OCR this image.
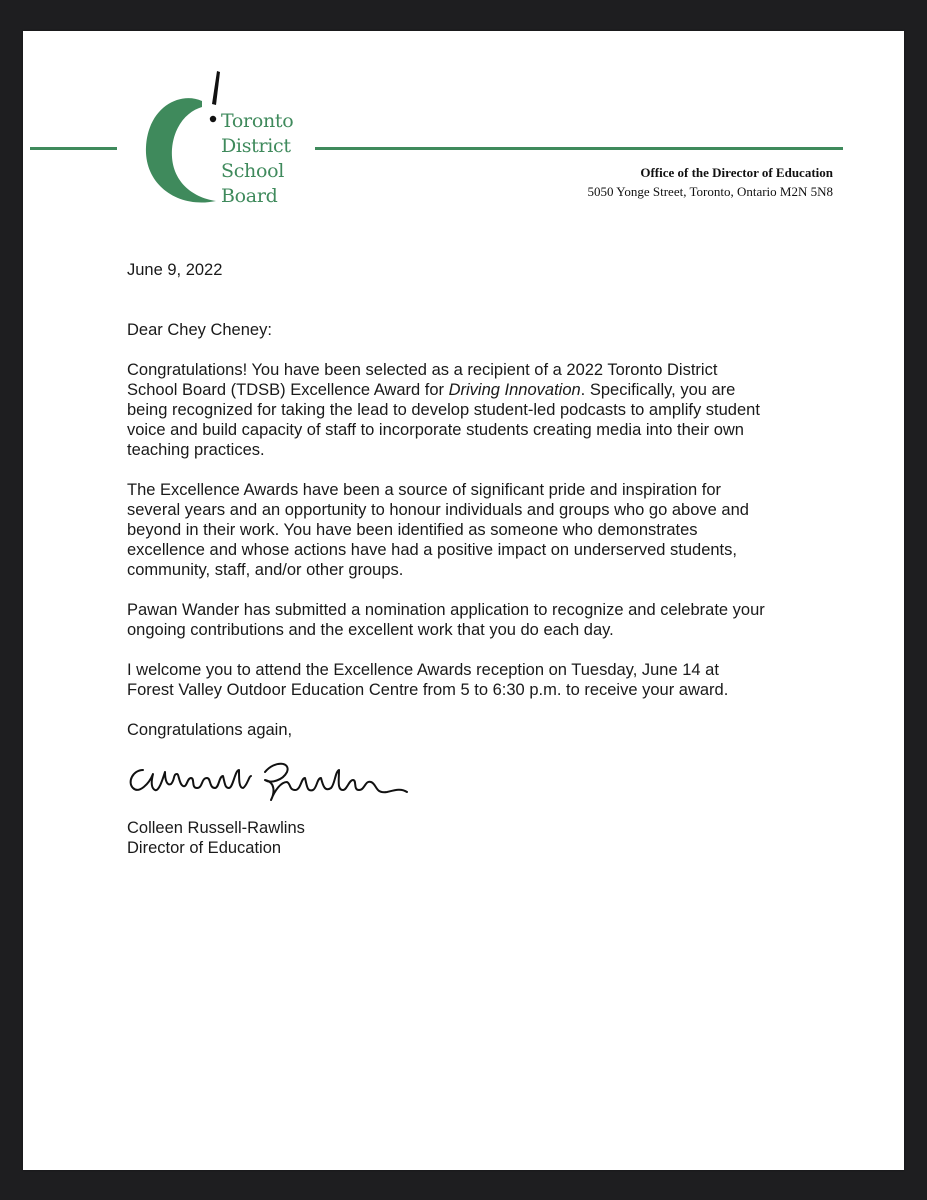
Toronto
District
School
Board
Office of the Director of Education
5050 Yonge Street, Toronto, Ontario M2N 5N8

June 9, 2022

Dear Chey Cheney:

Congratulations! You have been selected as a recipient of a 2022 Toronto District

School Board (TDSB) Excellence Award for Driving Innovation. Specifically, you are

being recognized for taking the lead to develop student-led podcasts to amplify student

voice and build capacity of staff to incorporate students creating media into their own

teaching practices.

The Excellence Awards have been a source of significant pride and inspiration for

several years and an opportunity to honour individuals and groups who go above and

beyond in their work. You have been identified as someone who demonstrates

excellence and whose actions have had a positive impact on underserved students,

community, staff, and/or other groups.

Pawan Wander has submitted a nomination application to recognize and celebrate your

ongoing contributions and the excellent work that you do each day.

I welcome you to attend the Excellence Awards reception on Tuesday, June 14 at

Forest Valley Outdoor Education Centre from 5 to 6:30 p.m. to receive your award.

Congratulations again,

Colleen Russell-Rawlins

Director of Education
